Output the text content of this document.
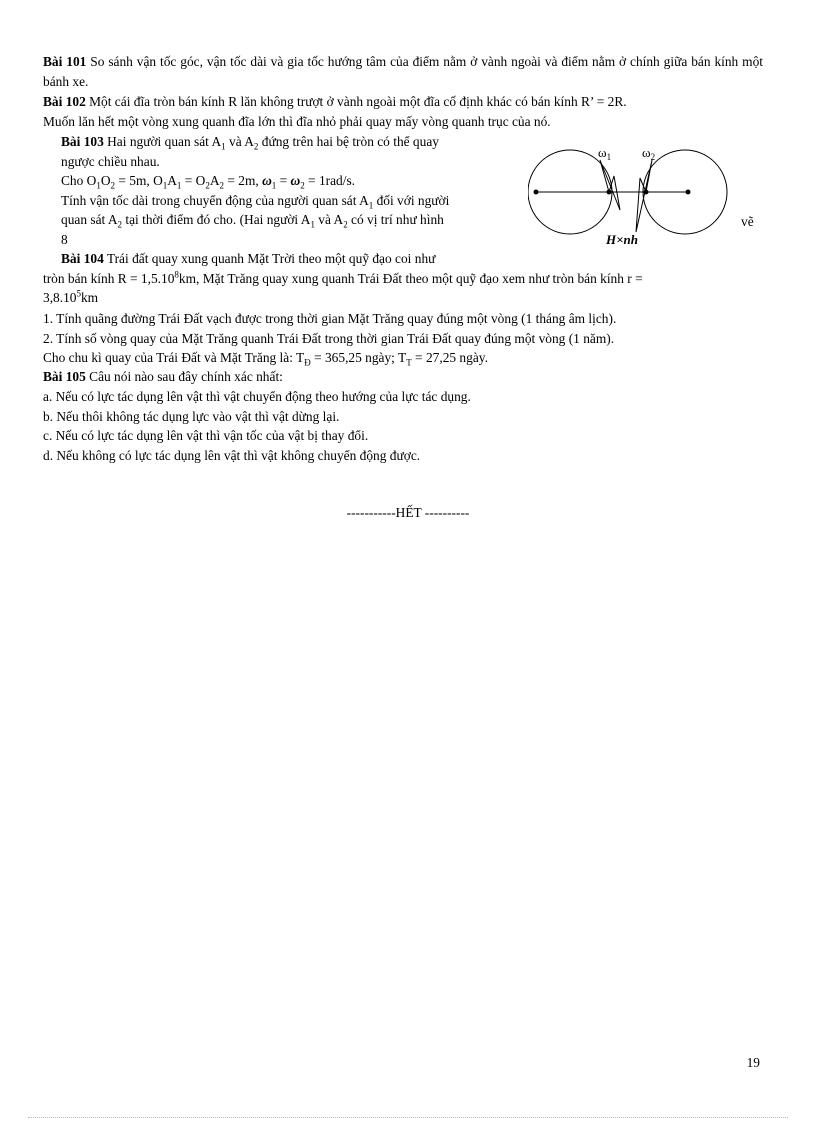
Bài 101 So sánh vận tốc góc, vận tốc dài và gia tốc hướng tâm của điểm nằm ở vành ngoài và điểm nằm ở chính giữa bán kính một bánh xe.

Bài 102 Một cái đĩa tròn bán kính R lăn không trượt ở vành ngoài một đĩa cố định khác có bán kính R’ = 2R.
Muốn lăn hết một vòng xung quanh đĩa lớn thì đĩa nhỏ phải quay mấy vòng quanh trục của nó.

Bài 103 Hai người quan sát $A_1$ và $A_2$ đứng trên hai bệ tròn có thể quay
ngược chiều nhau.
Cho $O_1O_2 = 5m$, $O_1A_1 = O_2A_2 = 2m$, $\omega_1 = \omega_2 = 1rad/s$.
Tính vận tốc dài trong chuyển động của người quan sát $A_1$ đối với người
quan sát $A_2$ tại thời điểm đó cho. (Hai người $A_1$ và $A_2$ có vị trí như hình
8
vẽ
$\omega_1$ $\omega_2$
H×nh
Bài 104 Trái đất quay xung quanh Mặt Trời theo một quỹ đạo coi như
tròn bán kính $R = 1,5.10^8km$, Mặt Trăng quay xung quanh Trái Đất theo một quỹ đạo xem như tròn bán kính r =
$3,8.10^5km$
1. Tính quãng đường Trái Đất vạch được trong thời gian Mặt Trăng quay đúng một vòng (1 tháng âm lịch).
2. Tính số vòng quay của Mặt Trăng quanh Trái Đất trong thời gian Trái Đất quay đúng một vòng (1 năm).
Cho chu kì quay của Trái Đất và Mặt Trăng là: $T_Đ = 365,25$ ngày; $T_T = 27,25$ ngày.
Bài 105 Câu nói nào sau đây chính xác nhất:
a. Nếu có lực tác dụng lên vật thì vật chuyển động theo hướng của lực tác dụng.
b. Nếu thôi không tác dụng lực vào vật thì vật dừng lại.
c. Nếu có lực tác dụng lên vật thì vận tốc của vật bị thay đổi.
d. Nếu không có lực tác dụng lên vật thì vật không chuyển động được.
-----------HẾT ----------
19
